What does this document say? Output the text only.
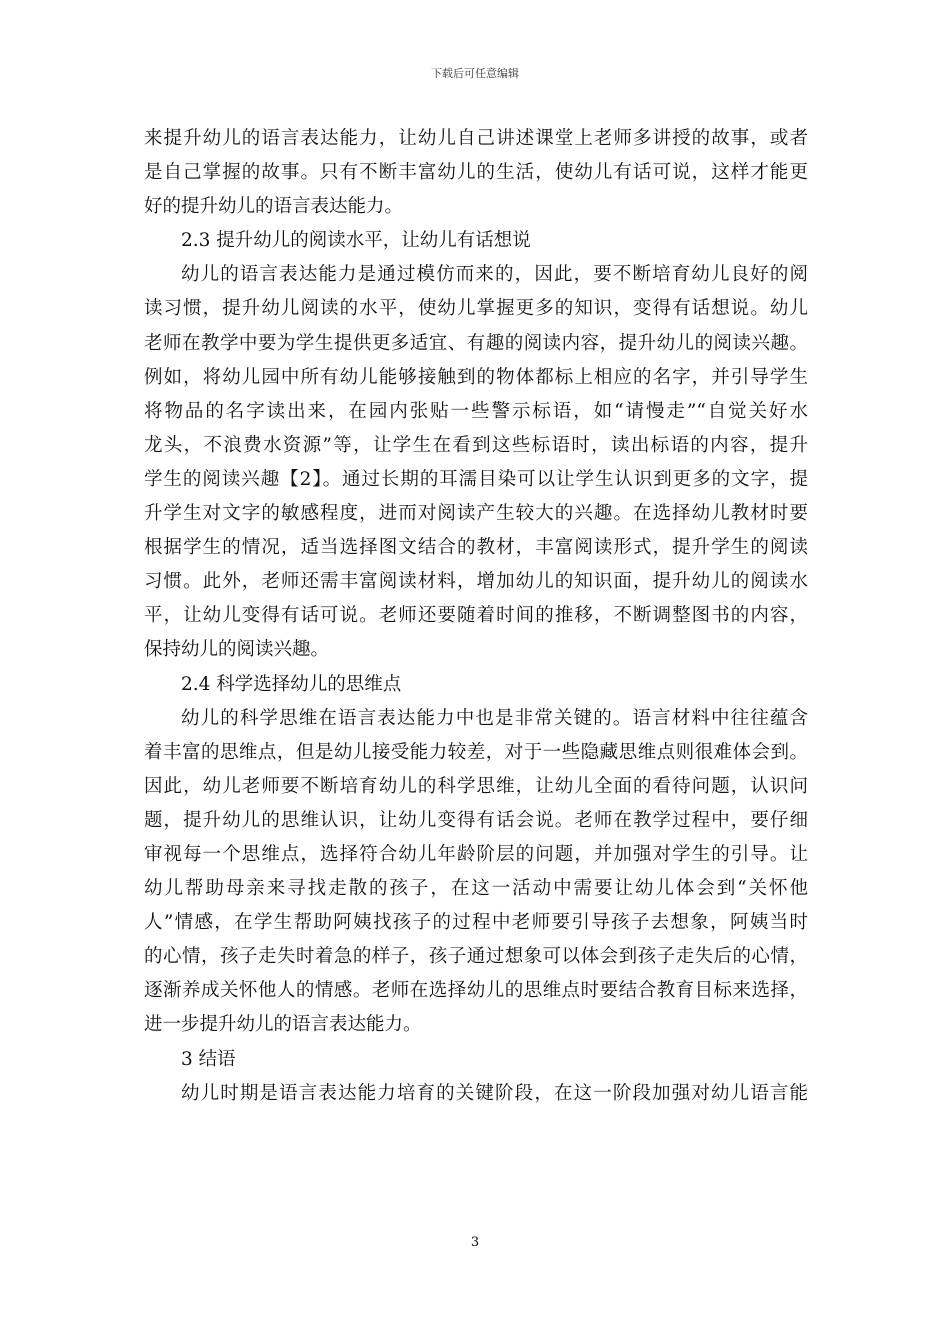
下载后可任意编辑
来提升幼儿的语言表达能力，让幼儿自己讲述课堂上老师多讲授的故事，或者
是自己掌握的故事。只有不断丰富幼儿的生活，使幼儿有话可说，这样才能更
好的提升幼儿的语言表达能力。
2.3 提升幼儿的阅读水平，让幼儿有话想说
幼儿的语言表达能力是通过模仿而来的，因此，要不断培育幼儿良好的阅
读习惯，提升幼儿阅读的水平，使幼儿掌握更多的知识，变得有话想说。幼儿
老师在教学中要为学生提供更多适宜、有趣的阅读内容，提升幼儿的阅读兴趣。
例如，将幼儿园中所有幼儿能够接触到的物体都标上相应的名字，并引导学生
将物品的名字读出来，在园内张贴一些警示标语，如“请慢走”“自觉关好水
龙头，不浪费水资源”等，让学生在看到这些标语时，读出标语的内容，提升
学生的阅读兴趣【2】。通过长期的耳濡目染可以让学生认识到更多的文字，提
升学生对文字的敏感程度，进而对阅读产生较大的兴趣。在选择幼儿教材时要
根据学生的情况，适当选择图文结合的教材，丰富阅读形式，提升学生的阅读
习惯。此外，老师还需丰富阅读材料，增加幼儿的知识面，提升幼儿的阅读水
平，让幼儿变得有话可说。老师还要随着时间的推移，不断调整图书的内容，
保持幼儿的阅读兴趣。
2.4 科学选择幼儿的思维点
幼儿的科学思维在语言表达能力中也是非常关键的。语言材料中往往蕴含
着丰富的思维点，但是幼儿接受能力较差，对于一些隐藏思维点则很难体会到。
因此，幼儿老师要不断培育幼儿的科学思维，让幼儿全面的看待问题，认识问
题，提升幼儿的思维认识，让幼儿变得有话会说。老师在教学过程中，要仔细
审视每一个思维点，选择符合幼儿年龄阶层的问题，并加强对学生的引导。让
幼儿帮助母亲来寻找走散的孩子，在这一活动中需要让幼儿体会到“关怀他
人”情感，在学生帮助阿姨找孩子的过程中老师要引导孩子去想象，阿姨当时
的心情，孩子走失时着急的样子，孩子通过想象可以体会到孩子走失后的心情，
逐渐养成关怀他人的情感。老师在选择幼儿的思维点时要结合教育目标来选择，
进一步提升幼儿的语言表达能力。
3 结语
幼儿时期是语言表达能力培育的关键阶段，在这一阶段加强对幼儿语言能
3
